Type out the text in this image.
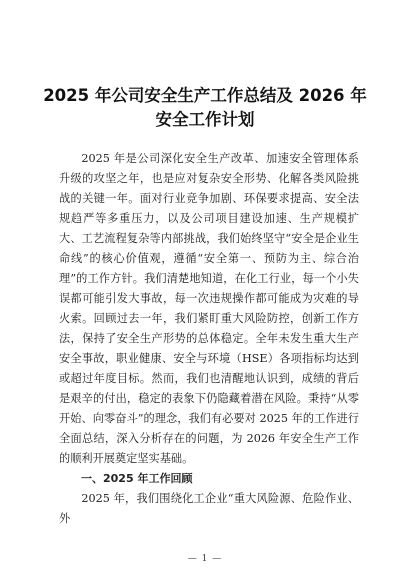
2025 年公司安全生产工作总结及 2026 年
安全工作计划

2025 年是公司深化安全生产改革、加速安全管理体系升级的攻坚之年，也是应对复杂安全形势、化解各类风险挑战的关键一年。面对行业竞争加剧、环保要求提高、安全法规趋严等多重压力，以及公司项目建设加速、生产规模扩大、工艺流程复杂等内部挑战，我们始终坚守“安全是企业生命线”的核心价值观，遵循“安全第一、预防为主、综合治理”的工作方针。我们清楚地知道，在化工行业，每一个小失误都可能引发大事故，每一次违规操作都可能成为灾难的导火索。回顾过去一年，我们紧盯重大风险防控，创新工作方法，保持了安全生产形势的总体稳定。全年未发生重大生产安全事故，职业健康、安全与环境（HSE）各项指标均达到或超过年度目标。然而，我们也清醒地认识到，成绩的背后是艰辛的付出，稳定的表象下仍隐藏着潜在风险。秉持“从零开始、向零奋斗”的理念，我们有必要对 2025 年的工作进行全面总结，深入分析存在的问题，为 2026 年安全生产工作的顺利开展奠定坚实基础。

一、2025 年工作回顾

2025 年，我们围绕化工企业“重大风险源、危险作业、外

— 1 —
